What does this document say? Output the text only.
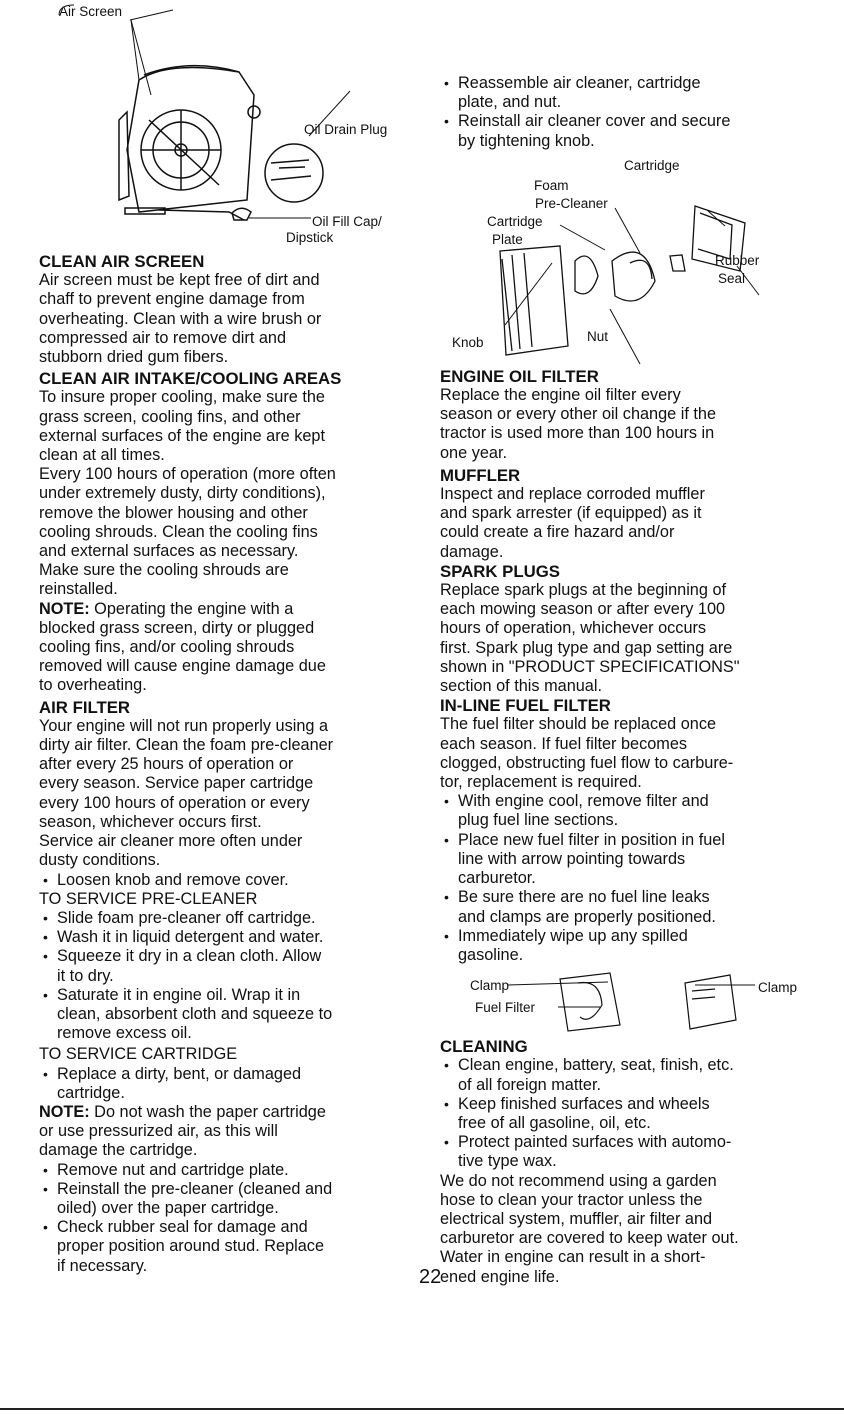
Air Screen
Oil Drain Plug
Oil Fill Cap/
Dipstick

CLEAN AIR SCREEN

Air screen must be kept free of dirt and

chaff to prevent engine damage from

overheating. Clean with a wire brush or

compressed air to remove dirt and

stubborn dried gum fibers.

CLEAN AIR INTAKE/COOLING AREAS

To insure proper cooling, make sure the

grass screen, cooling fins, and other

external surfaces of the engine are kept

clean at all times.

Every 100 hours of operation (more often

under extremely dusty, dirty conditions),

remove the blower housing and other

cooling shrouds. Clean the cooling fins

and external surfaces as necessary.

Make sure the cooling shrouds are

reinstalled.

NOTE: Operating the engine with a

blocked grass screen, dirty or plugged

cooling fins, and/or cooling shrouds

removed will cause engine damage due

to overheating.

AIR FILTER

Your engine will not run properly using a

dirty air filter. Clean the foam pre-cleaner

after every 25 hours of operation or

every season. Service paper cartridge

every 100 hours of operation or every

season, whichever occurs first.

Service air cleaner more often under

dusty conditions.

• Loosen knob and remove cover.

TO SERVICE PRE-CLEANER

• Slide foam pre-cleaner off cartridge.

• Wash it in liquid detergent and water.

• Squeeze it dry in a clean cloth. Allow

it to dry.

• Saturate it in engine oil. Wrap it in

clean, absorbent cloth and squeeze to

remove excess oil.

TO SERVICE CARTRIDGE

• Replace a dirty, bent, or damaged

cartridge.

NOTE: Do not wash the paper cartridge

or use pressurized air, as this will

damage the cartridge.

• Remove nut and cartridge plate.

• Reinstall the pre-cleaner (cleaned and

oiled) over the paper cartridge.

• Check rubber seal for damage and

proper position around stud. Replace

if necessary.

• Reassemble air cleaner, cartridge

plate, and nut.

• Reinstall air cleaner cover and secure

by tightening knob.

Cartridge
Foam
Pre-Cleaner
Cartridge
Plate
Rubber
Seal
Knob	Nut

ENGINE OIL FILTER

Replace the engine oil filter every

season or every other oil change if the

tractor is used more than 100 hours in

one year.

MUFFLER

Inspect and replace corroded muffler

and spark arrester (if equipped) as it

could create a fire hazard and/or

damage.

SPARK PLUGS

Replace spark plugs at the beginning of

each mowing season or after every 100

hours of operation, whichever occurs

first. Spark plug type and gap setting are

shown in "PRODUCT SPECIFICATIONS"

section of this manual.

IN-LINE FUEL FILTER

The fuel filter should be replaced once

each season. If fuel filter becomes

clogged, obstructing fuel flow to carbure-

tor, replacement is required.

• With engine cool, remove filter and

plug fuel line sections.

• Place new fuel filter in position in fuel

line with arrow pointing towards

carburetor.

• Be sure there are no fuel line leaks

and clamps are properly positioned.

• Immediately wipe up any spilled

gasoline.

Clamp	Clamp
Fuel Filter

CLEANING

• Clean engine, battery, seat, finish, etc.

of all foreign matter.

• Keep finished surfaces and wheels

free of all gasoline, oil, etc.

• Protect painted surfaces with automo-

tive type wax.

We do not recommend using a garden

hose to clean your tractor unless the

electrical system, muffler, air filter and

carburetor are covered to keep water out.

Water in engine can result in a short-

ened engine life.

22
